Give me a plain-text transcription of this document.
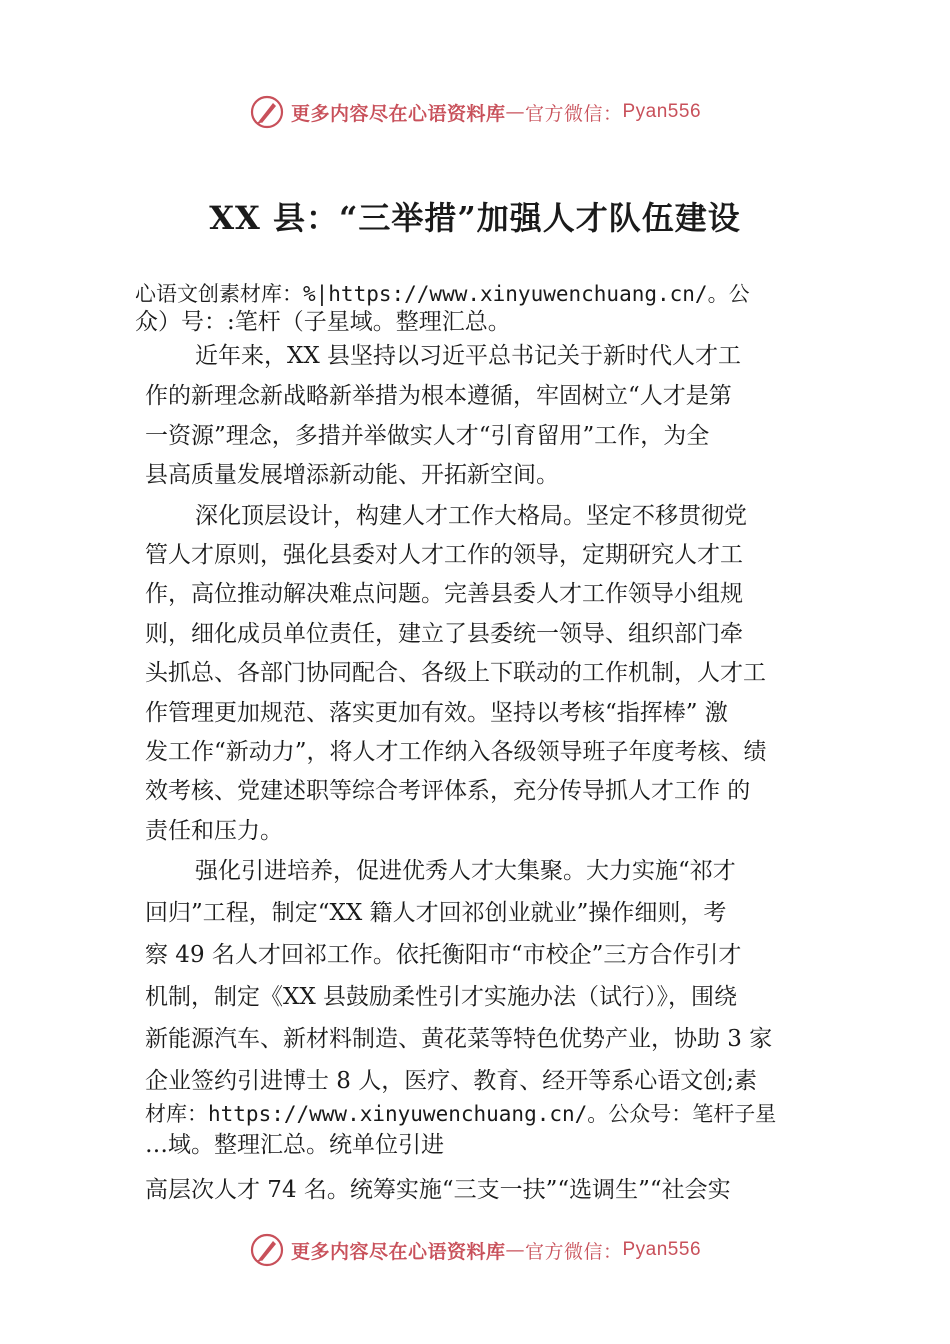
更多内容尽在心语资料库 — 官方微信： Pyan556
XX 县：“三举措”加强人才队伍建设
心语文创素材库：%|https://www.xinyuwenchuang.cn/。公
众）号：:笔杆（子星域。整理汇总。
近年来，XX 县坚持以习近平总书记关于新时代人才工
作的新理念新战略新举措为根本遵循，牢固树立“人才是第
一资源”理念，多措并举做实人才“引育留用”工作，为全
县高质量发展增添新动能、开拓新空间。
深化顶层设计，构建人才工作大格局。坚定不移贯彻党
管人才原则，强化县委对人才工作的领导，定期研究人才工
作，高位推动解决难点问题。完善县委人才工作领导小组规
则，细化成员单位责任，建立了县委统一领导、组织部门牵
头抓总、各部门协同配合、各级上下联动的工作机制，人才工
作管理更加规范、落实更加有效。坚持以考核“指挥棒” 激
发工作“新动力”，将人才工作纳入各级领导班子年度考核、绩
效考核、党建述职等综合考评体系，充分传导抓人才工作 的
责任和压力。
强化引进培养，促进优秀人才大集聚。大力实施“祁才
回归”工程，制定“XX 籍人才回祁创业就业”操作细则，考
察 49 名人才回祁工作。依托衡阳市“市校企”三方合作引才
机制，制定《XX 县鼓励柔性引才实施办法（试行）》，围绕
新能源汽车、新材料制造、黄花菜等特色优势产业，协助 3 家
企业签约引进博士 8 人，医疗、教育、经开等系心语文创;素
材库：https://www.xinyuwenchuang.cn/。公众号：笔杆子星
…域。整理汇总。统单位引进
高层次人才 74 名。统筹实施“三支一扶”“选调生”“社会实
更多内容尽在心语资料库 — 官方微信： Pyan556
